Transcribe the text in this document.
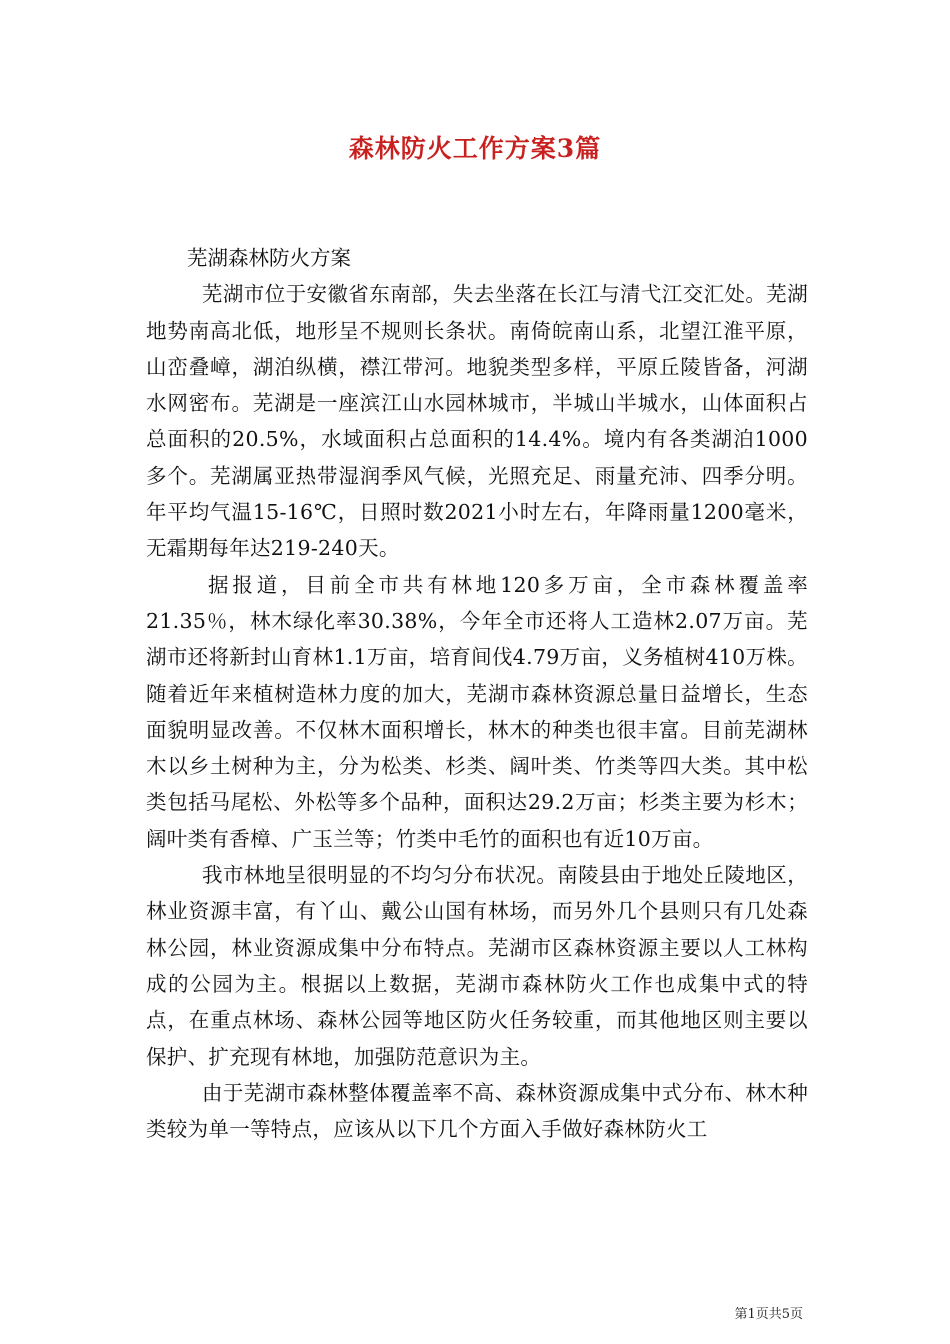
森林防火工作方案3篇

芜湖森林防火方案

芜湖市位于安徽省东南部，失去坐落在长江与清弋江交汇处。芜湖地势南高北低，地形呈不规则长条状。南倚皖南山系，北望江淮平原，山峦叠嶂，湖泊纵横，襟江带河。地貌类型多样，平原丘陵皆备，河湖水网密布。芜湖是一座滨江山水园林城市，半城山半城水，山体面积占总面积的20.5%，水域面积占总面积的14.4%。境内有各类湖泊1000多个。芜湖属亚热带湿润季风气候，光照充足、雨量充沛、四季分明。年平均气温15-16℃，日照时数2021小时左右，年降雨量1200毫米，无霜期每年达219-240天。

据报道，目前全市共有林地120多万亩，全市森林覆盖率21.35％，林木绿化率30.38%，今年全市还将人工造林2.07万亩。芜湖市还将新封山育林1.1万亩，培育间伐4.79万亩，义务植树410万株。随着近年来植树造林力度的加大，芜湖市森林资源总量日益增长，生态面貌明显改善。不仅林木面积增长，林木的种类也很丰富。目前芜湖林木以乡土树种为主，分为松类、杉类、阔叶类、竹类等四大类。其中松类包括马尾松、外松等多个品种，面积达29.2万亩；杉类主要为杉木；阔叶类有香樟、广玉兰等；竹类中毛竹的面积也有近10万亩。

我市林地呈很明显的不均匀分布状况。南陵县由于地处丘陵地区，林业资源丰富，有丫山、戴公山国有林场，而另外几个县则只有几处森林公园，林业资源成集中分布特点。芜湖市区森林资源主要以人工林构成的公园为主。根据以上数据，芜湖市森林防火工作也成集中式的特点，在重点林场、森林公园等地区防火任务较重，而其他地区则主要以保护、扩充现有林地，加强防范意识为主。

由于芜湖市森林整体覆盖率不高、森林资源成集中式分布、林木种类较为单一等特点，应该从以下几个方面入手做好森林防火工

第1页共5页
